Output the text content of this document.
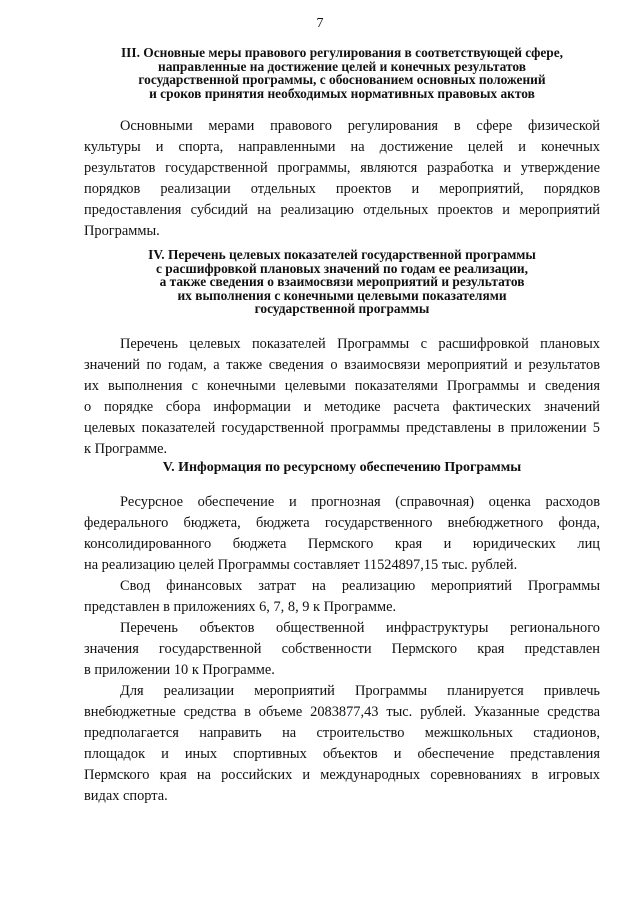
7
III. Основные меры правового регулирования в соответствующей сфере,
направленные на достижение целей и конечных результатов
государственной программы, с обоснованием основных положений
и сроков принятия необходимых нормативных правовых актов
Основными мерами правового регулирования в сфере физической
культуры и спорта, направленными на достижение целей и конечных
результатов государственной программы, являются разработка и утверждение
порядков реализации отдельных проектов и мероприятий, порядков
предоставления субсидий на реализацию отдельных проектов и мероприятий
Программы.
IV. Перечень целевых показателей государственной программы
с расшифровкой плановых значений по годам ее реализации,
а также сведения о взаимосвязи мероприятий и результатов
их выполнения с конечными целевыми показателями
государственной программы
Перечень целевых показателей Программы с расшифровкой плановых
значений по годам, а также сведения о взаимосвязи мероприятий и результатов
их выполнения с конечными целевыми показателями Программы и сведения
о порядке сбора информации и методике расчета фактических значений
целевых показателей государственной программы представлены в приложении 5
к Программе.
V. Информация по ресурсному обеспечению Программы
Ресурсное обеспечение и прогнозная (справочная) оценка расходов
федерального бюджета, бюджета государственного внебюджетного фонда,
консолидированного бюджета Пермского края и юридических лиц
на реализацию целей Программы составляет 11524897,15 тыс. рублей.
Свод финансовых затрат на реализацию мероприятий Программы
представлен в приложениях 6, 7, 8, 9 к Программе.
Перечень объектов общественной инфраструктуры регионального
значения государственной собственности Пермского края представлен
в приложении 10 к Программе.
Для реализации мероприятий Программы планируется привлечь
внебюджетные средства в объеме 2083877,43 тыс. рублей. Указанные средства
предполагается направить на строительство межшкольных стадионов,
площадок и иных спортивных объектов и обеспечение представления
Пермского края на российских и международных соревнованиях в игровых
видах спорта.
